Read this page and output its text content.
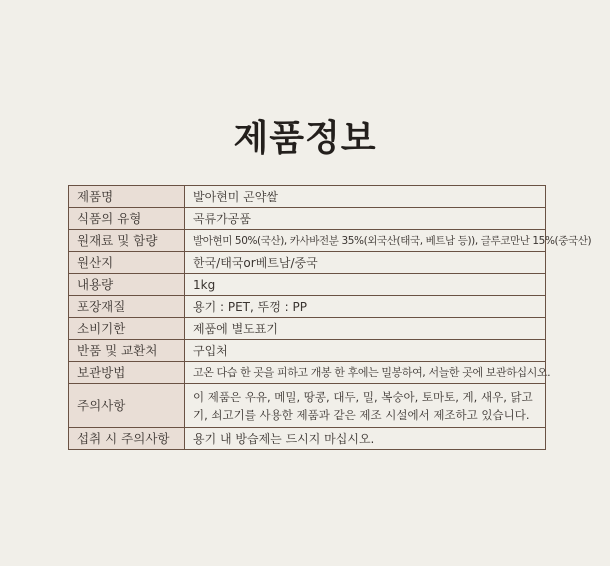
제품정보
제품명	발아현미 곤약쌀
식품의 유형	곡류가공품
원재료 및 함량	발아현미 50%(국산), 카사바전분 35%(외국산(태국, 베트남 등)), 글루코만난 15%(중국산)
원산지	한국/태국or베트남/중국
내용량	1kg
포장재질	용기 : PET, 뚜껑 : PP
소비기한	제품에 별도표기
반품 및 교환처	구입처
보관방법	고온 다습 한 곳을 피하고 개봉 한 후에는 밀봉하여, 서늘한 곳에 보관하십시오.
주의사항	이 제품은 우유, 메밀, 땅콩, 대두, 밀, 복숭아, 토마토, 게, 새우, 닭고기, 쇠고기를 사용한 제품과 같은 제조 시설에서 제조하고 있습니다.
섭취 시 주의사항	용기 내 방습제는 드시지 마십시오.
